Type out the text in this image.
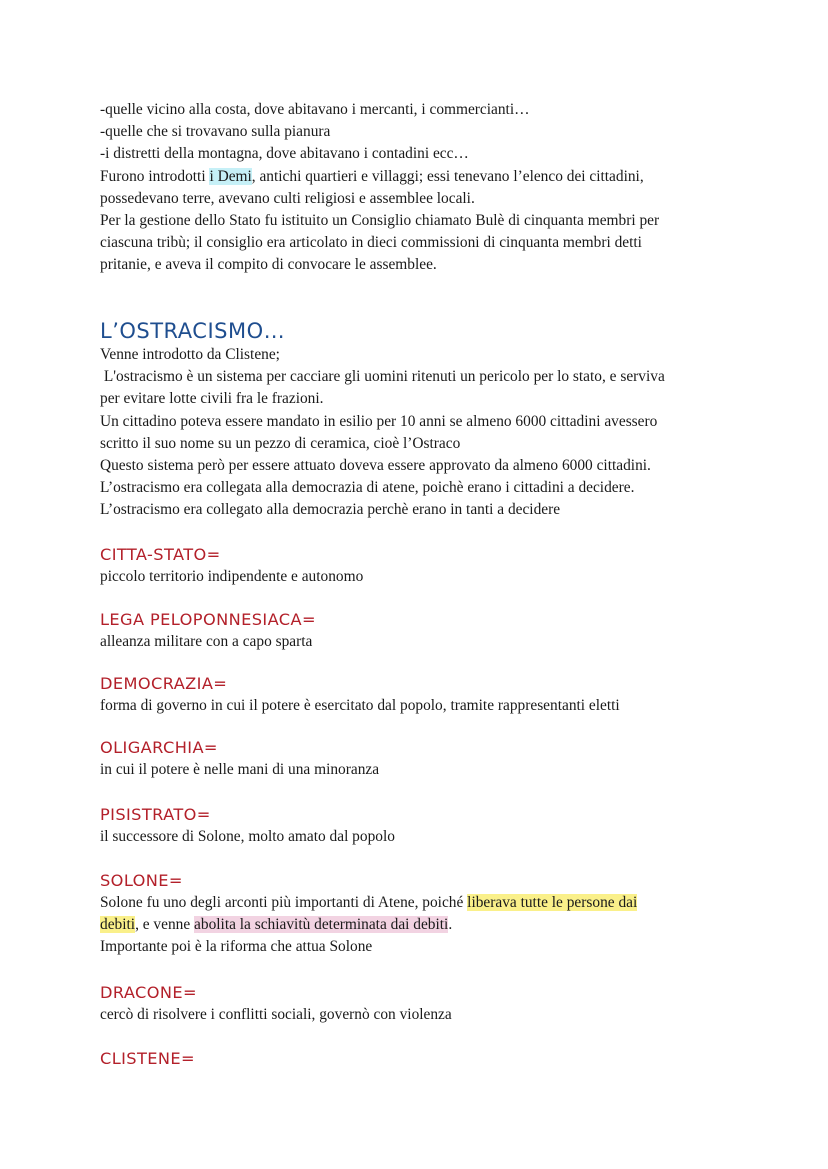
-quelle vicino alla costa, dove abitavano i mercanti, i commercianti…
-quelle che si trovavano sulla pianura
-i distretti della montagna, dove abitavano i contadini ecc…
Furono introdotti i Demi, antichi quartieri e villaggi; essi tenevano l’elenco dei cittadini,
possedevano terre, avevano culti religiosi e assemblee locali.
Per la gestione dello Stato fu istituito un Consiglio chiamato Bulè di cinquanta membri per
ciascuna tribù; il consiglio era articolato in dieci commissioni di cinquanta membri detti
pritanie, e aveva il compito di convocare le assemblee.
L’OSTRACISMO…
Venne introdotto da Clistene;
L'ostracismo è un sistema per cacciare gli uomini ritenuti un pericolo per lo stato, e serviva
per evitare lotte civili fra le frazioni.
Un cittadino poteva essere mandato in esilio per 10 anni se almeno 6000 cittadini avessero
scritto il suo nome su un pezzo di ceramica, cioè l’Ostraco
Questo sistema però per essere attuato doveva essere approvato da almeno 6000 cittadini.
L’ostracismo era collegata alla democrazia di atene, poichè erano i cittadini a decidere.
L’ostracismo era collegato alla democrazia perchè erano in tanti a decidere
CITTA-STATO=
piccolo territorio indipendente e autonomo
LEGA PELOPONNESIACA=
alleanza militare con a capo sparta
DEMOCRAZIA=
forma di governo in cui il potere è esercitato dal popolo, tramite rappresentanti eletti
OLIGARCHIA=
in cui il potere è nelle mani di una minoranza
PISISTRATO=
il successore di Solone, molto amato dal popolo
SOLONE=
Solone fu uno degli arconti più importanti di Atene, poiché liberava tutte le persone dai
debiti, e venne abolita la schiavitù determinata dai debiti.
Importante poi è la riforma che attua Solone
DRACONE=
cercò di risolvere i conflitti sociali, governò con violenza
CLISTENE=
